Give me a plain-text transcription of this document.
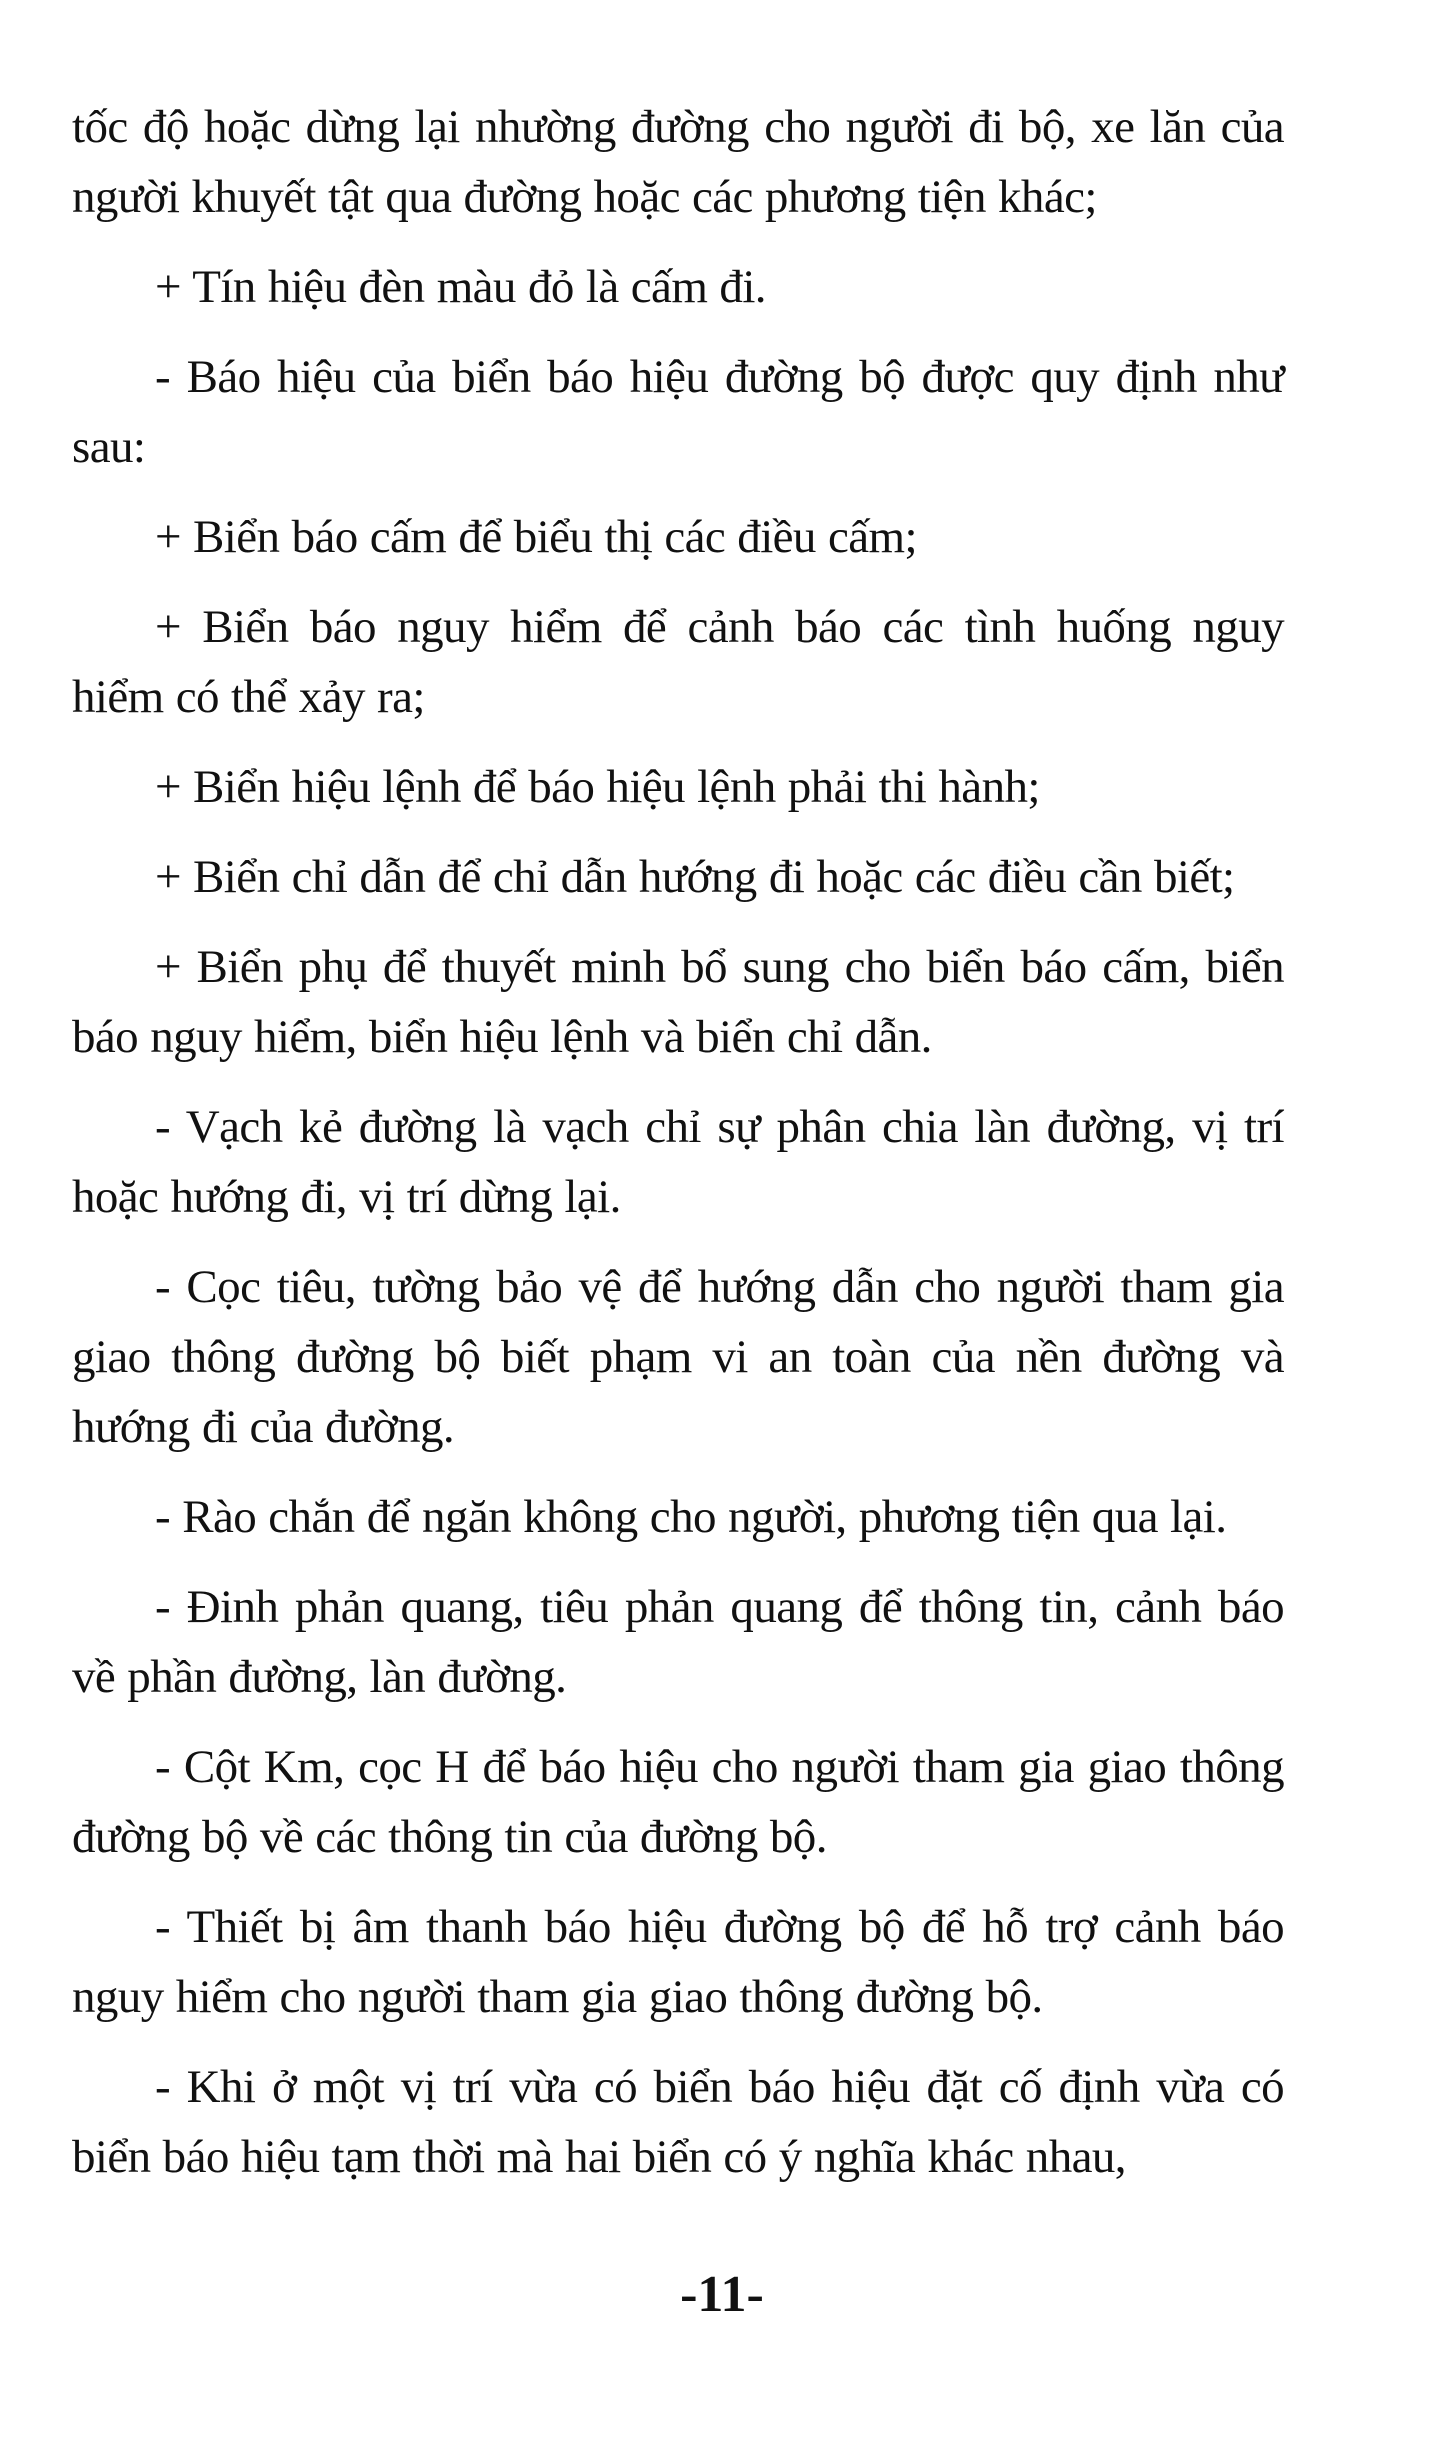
tốc độ hoặc dừng lại nhường đường cho người đi bộ, xe lăn của người khuyết tật qua đường hoặc các phương tiện khác;

+ Tín hiệu đèn màu đỏ là cấm đi.

- Báo hiệu của biển báo hiệu đường bộ được quy định như sau:

+ Biển báo cấm để biểu thị các điều cấm;

+ Biển báo nguy hiểm để cảnh báo các tình huống nguy hiểm có thể xảy ra;

+ Biển hiệu lệnh để báo hiệu lệnh phải thi hành;

+ Biển chỉ dẫn để chỉ dẫn hướng đi hoặc các điều cần biết;

+ Biển phụ để thuyết minh bổ sung cho biển báo cấm, biển báo nguy hiểm, biển hiệu lệnh và biển chỉ dẫn.

- Vạch kẻ đường là vạch chỉ sự phân chia làn đường, vị trí hoặc hướng đi, vị trí dừng lại.

- Cọc tiêu, tường bảo vệ để hướng dẫn cho người tham gia giao thông đường bộ biết phạm vi an toàn của nền đường và hướng đi của đường.

- Rào chắn để ngăn không cho người, phương tiện qua lại.

- Đinh phản quang, tiêu phản quang để thông tin, cảnh báo về phần đường, làn đường.

- Cột Km, cọc H để báo hiệu cho người tham gia giao thông đường bộ về các thông tin của đường bộ.

- Thiết bị âm thanh báo hiệu đường bộ để hỗ trợ cảnh báo nguy hiểm cho người tham gia giao thông đường bộ.

- Khi ở một vị trí vừa có biển báo hiệu đặt cố định vừa có biển báo hiệu tạm thời mà hai biển có ý nghĩa khác nhau,

-11-
